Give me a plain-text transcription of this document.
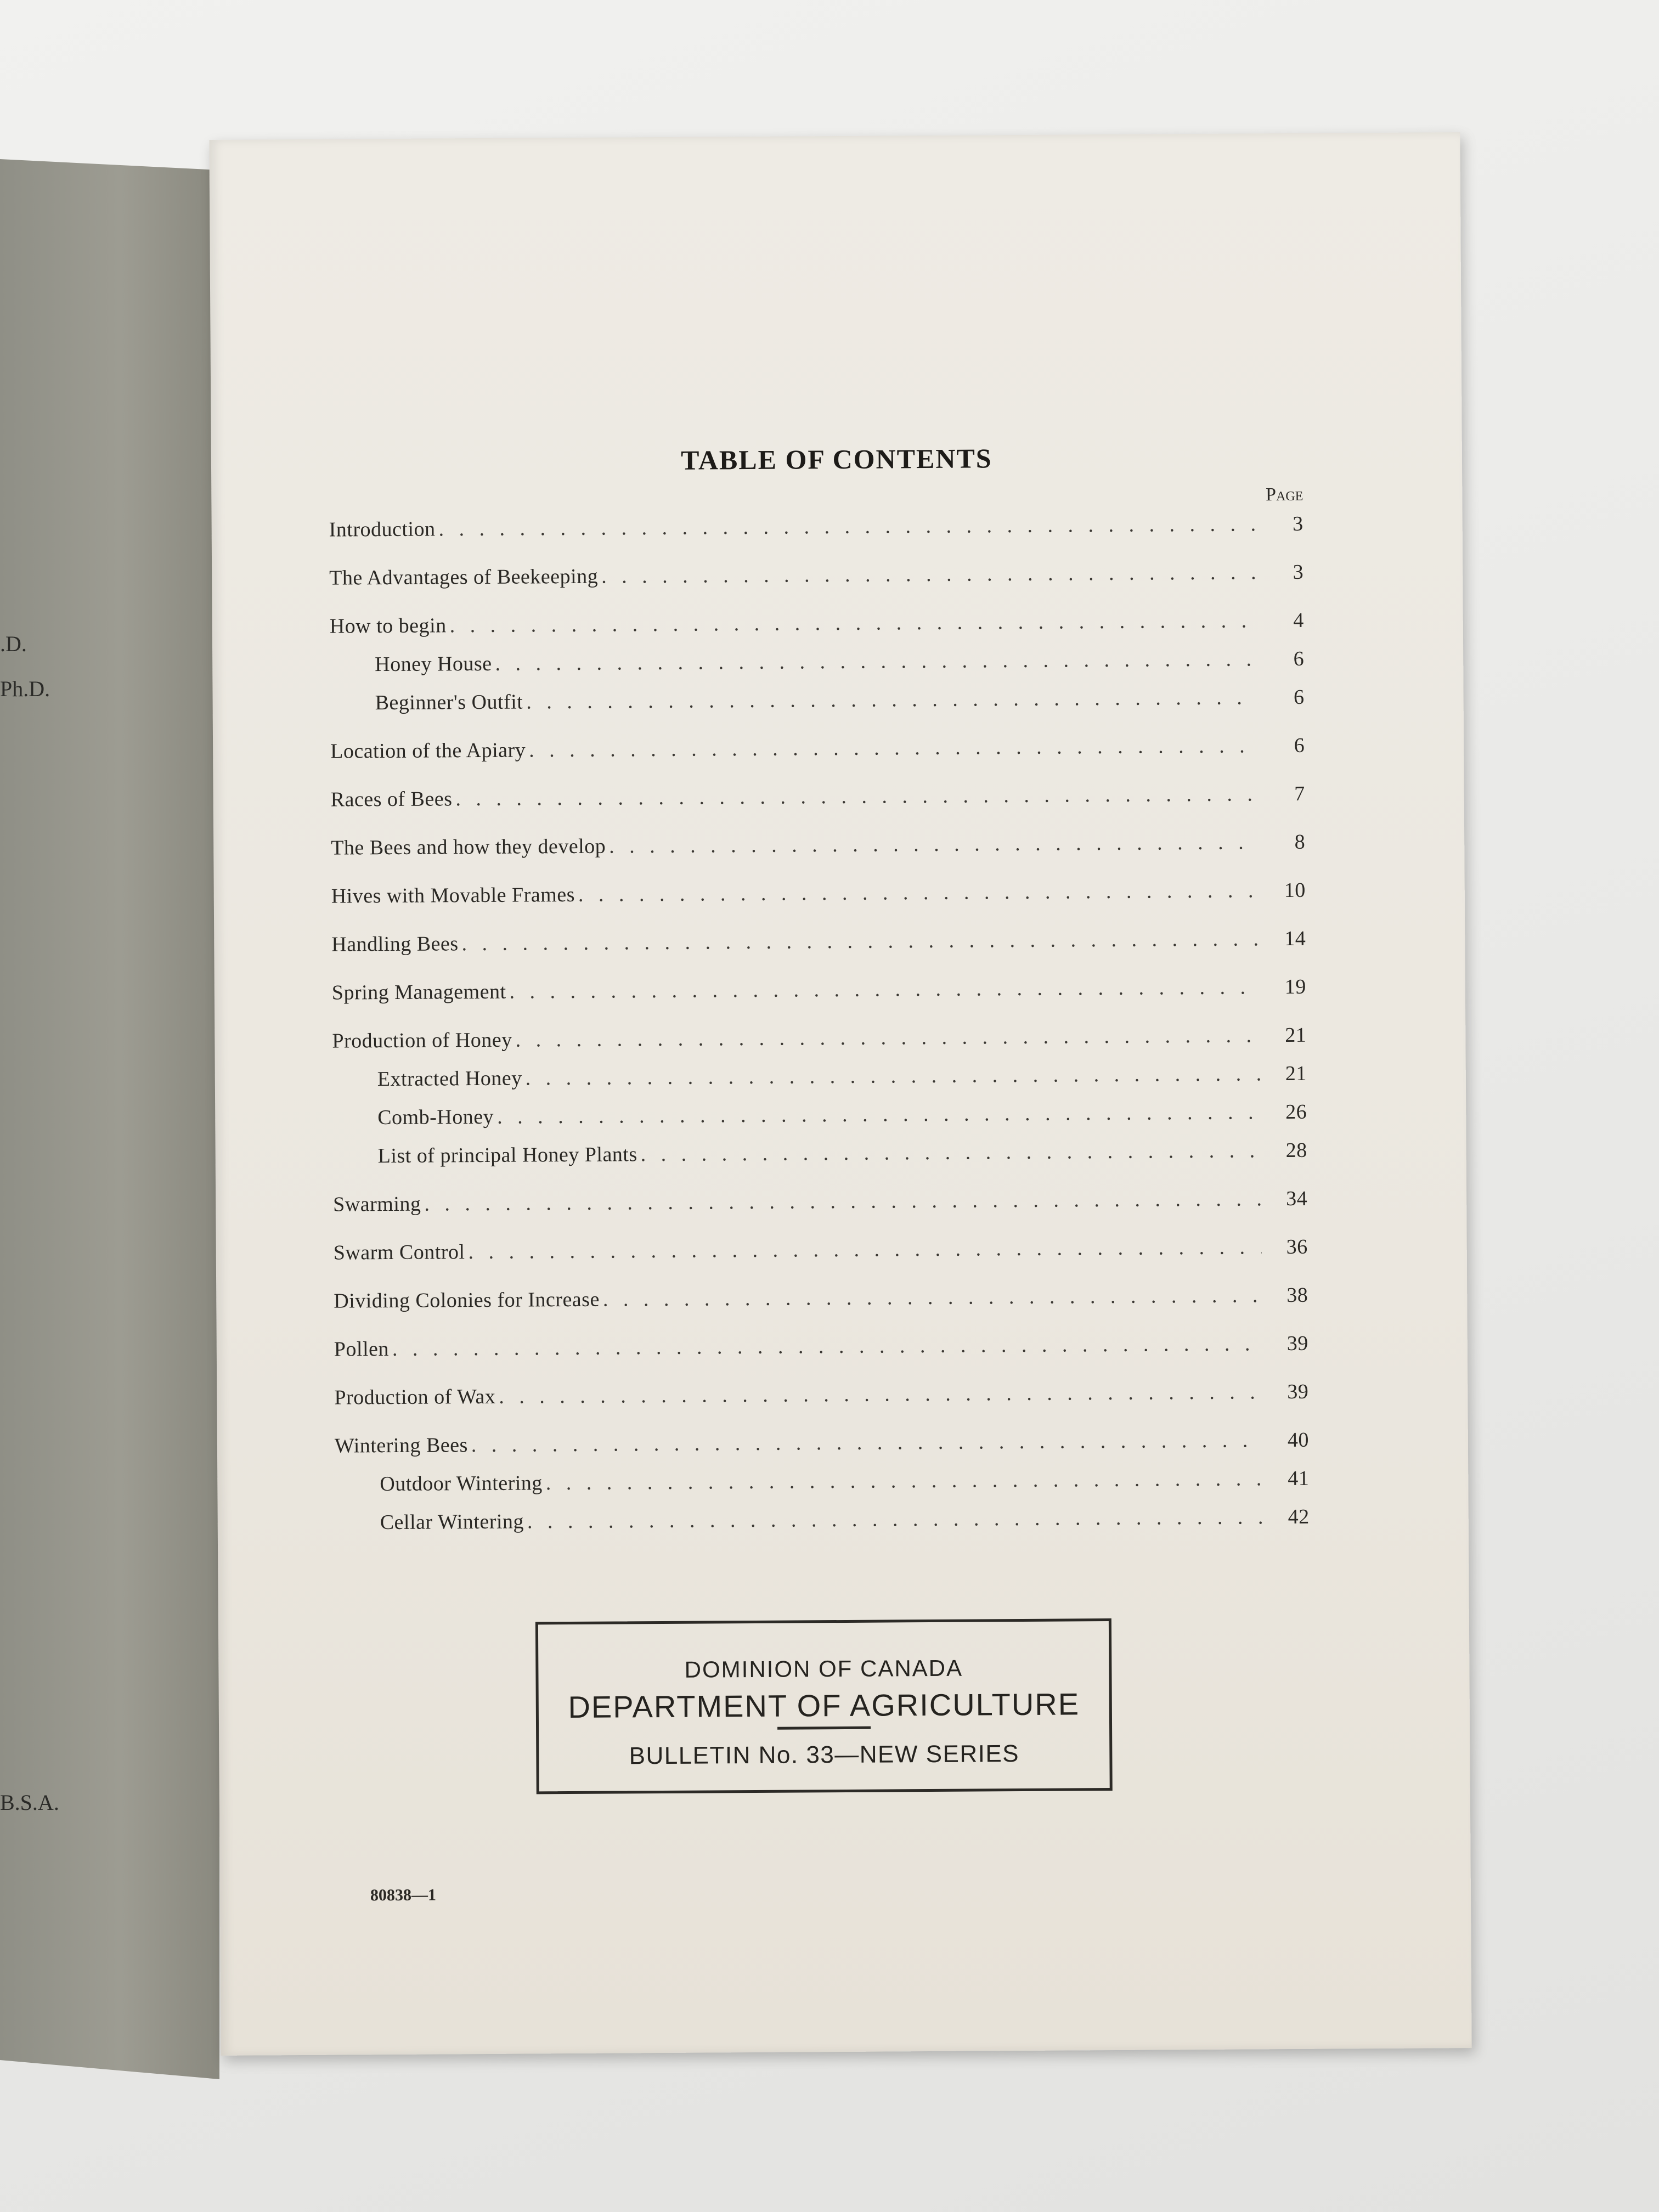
.D.
Ph.D.
B.S.A.
TABLE OF CONTENTS
Page
Introduction . . .	3
The Advantages of Beekeeping . . .	3
How to begin . . .	4
Honey House . . .	6
Beginner's Outfit . . .	6
Location of the Apiary . . .	6
Races of Bees . . .	7
The Bees and how they develop . . .	8
Hives with Movable Frames . . .	10
Handling Bees . . .	14
Spring Management . . .	19
Production of Honey . . .	21
Extracted Honey . . .	21
Comb-Honey . . .	26
List of principal Honey Plants . . .	28
Swarming . . .	34
Swarm Control . . .	36
Dividing Colonies for Increase . . .	38
Pollen . . .	39
Production of Wax . . .	39
Wintering Bees . . .	40
Outdoor Wintering . . .	41
Cellar Wintering . . .	42
DOMINION OF CANADA
DEPARTMENT OF AGRICULTURE
BULLETIN No. 33—NEW SERIES
80838—1
